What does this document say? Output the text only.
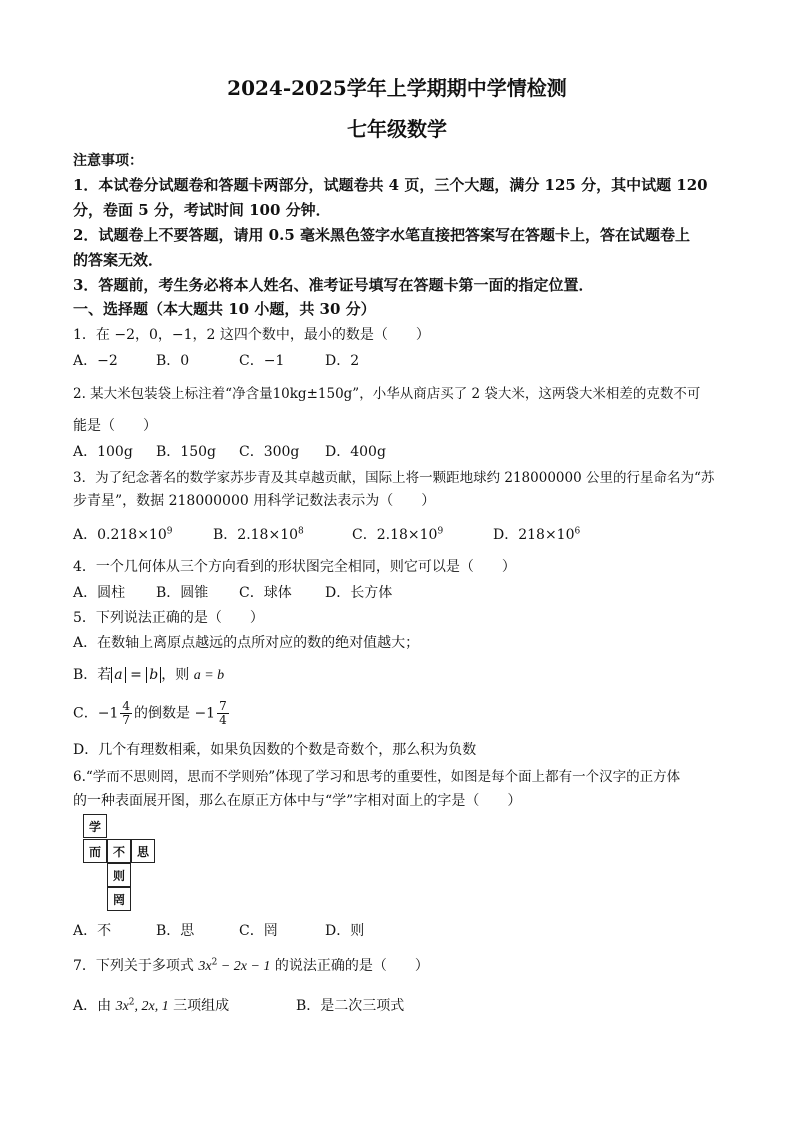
2024-2025学年上学期期中学情检测
七年级数学
注意事项：
1．本试卷分试题卷和答题卡两部分，试题卷共 4 页，三个大题，满分 125 分，其中试题 120
分，卷面 5 分，考试时间 100 分钟．
2．试题卷上不要答题，请用 0.5 毫米黑色签字水笔直接把答案写在答题卡上，答在试题卷上
的答案无效．
3．答题前，考生务必将本人姓名、准考证号填写在答题卡第一面的指定位置．
一、选择题（本大题共 10 小题，共 30 分）
1．在 −2，0，−1，2 这四个数中，最小的数是（　　）
A．−2	B．0	C．−1	D．2
2. 某大米包装袋上标注着“净含量10kg±150g”，小华从商店买了 2 袋大米，这两袋大米相差的克数不可
能是（　　）
A．100g B．150g C．300g D．400g
3．为了纪念著名的数学家苏步青及其卓越贡献，国际上将一颗距地球约 218000000 公里的行星命名为“苏
步青星”，数据 218000000 用科学记数法表示为（　　）
A．$0.218\times 10^9$	B．$2.18\times 10^8$	C．$2.18\times 10^9$	D．$218\times 10^6$
4．一个几何体从三个方向看到的形状图完全相同，则它可以是（　　）
A．圆柱 B．圆锥 C．球体 D．长方体
5．下列说法正确的是（　　）
A．在数轴上离原点越远的点所对应的数的绝对值越大；
B．若 a = b ，则 a = b
C．$-1 \frac{4}{7}$ 的倒数是 $-1 \frac{7}{4}$
D．几个有理数相乘，如果负因数的个数是奇数个，那么积为负数
6.“学而不思则罔，思而不学则殆”体现了学习和思考的重要性，如图是每个面上都有一个汉字的正方体
的一种表面展开图，那么在原正方体中与“学”字相对面上的字是（　　）
学
而 不 思
则
罔
A．不	B．思	C．罔	D．则
7．下列关于多项式 $3x^2 - 2x - 1$ 的说法正确的是（　　）
A．由 $3x^2$, 2x, 1 三项组成	B．是二次三项式
